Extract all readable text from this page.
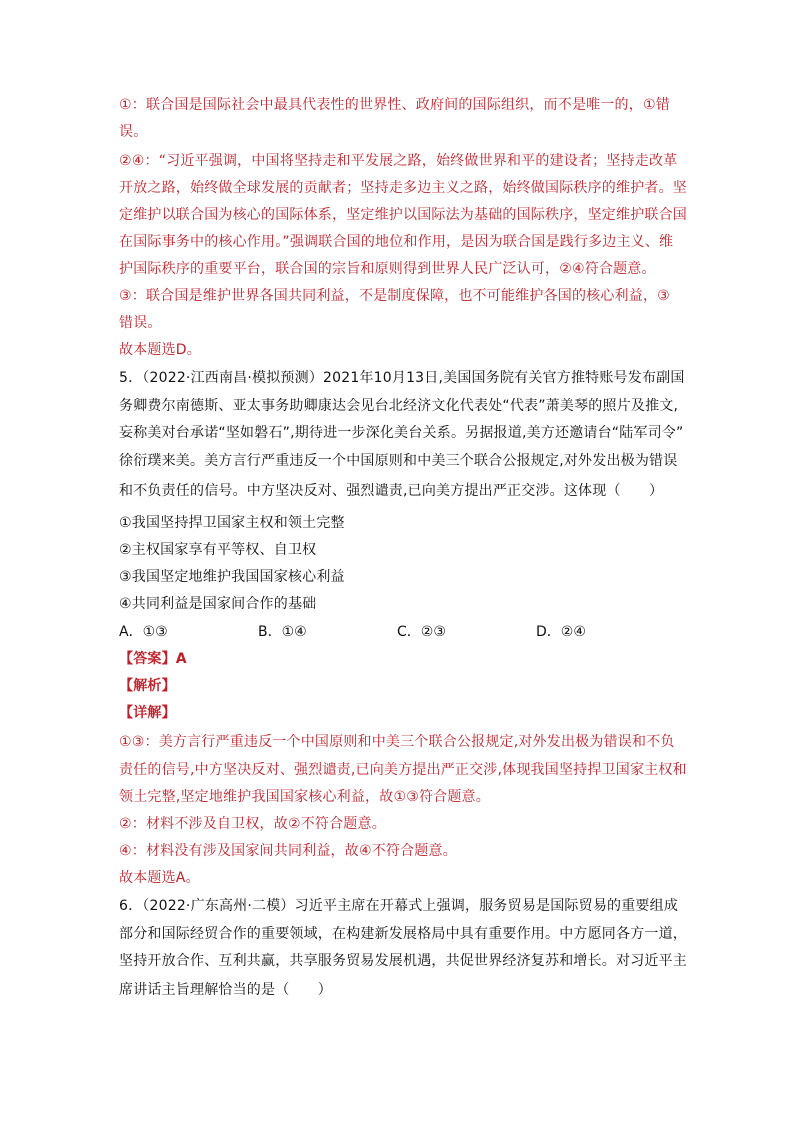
①：联合国是国际社会中最具代表性的世界性、政府间的国际组织，而不是唯一的，①错
误。
②④：“习近平强调，中国将坚持走和平发展之路，始终做世界和平的建设者；坚持走改革
开放之路，始终做全球发展的贡献者；坚持走多边主义之路，始终做国际秩序的维护者。坚
定维护以联合国为核心的国际体系，坚定维护以国际法为基础的国际秩序，坚定维护联合国
在国际事务中的核心作用。”强调联合国的地位和作用，是因为联合国是践行多边主义、维
护国际秩序的重要平台，联合国的宗旨和原则得到世界人民广泛认可，②④符合题意。
③：联合国是维护世界各国共同利益，不是制度保障，也不可能维护各国的核心利益，③
错误。
故本题选D。
5．（2022·江西南昌·模拟预测）2021年10月13日,美国国务院有关官方推特账号发布副国
务卿费尔南德斯、亚太事务助卿康达会见台北经济文化代表处“代表”萧美琴的照片及推文,
妄称美对台承诺“坚如磐石”,期待进一步深化美台关系。另据报道,美方还邀请台“陆军司令”
徐衍璞来美。美方言行严重违反一个中国原则和中美三个联合公报规定,对外发出极为错误
和不负责任的信号。中方坚决反对、强烈谴责,已向美方提出严正交涉。这体现（　　）
①我国坚持捍卫国家主权和领土完整
②主权国家享有平等权、自卫权
③我国坚定地维护我国国家核心利益
④共同利益是国家间合作的基础
A．①③	B．①④	C．②③	D．②④
【答案】A
【解析】
【详解】
①③：美方言行严重违反一个中国原则和中美三个联合公报规定,对外发出极为错误和不负
责任的信号,中方坚决反对、强烈谴责,已向美方提出严正交涉,体现我国坚持捍卫国家主权和
领土完整,坚定地维护我国国家核心利益，故①③符合题意。
②：材料不涉及自卫权，故②不符合题意。
④：材料没有涉及国家间共同利益，故④不符合题意。
故本题选A。
6．（2022·广东高州·二模）习近平主席在开幕式上强调，服务贸易是国际贸易的重要组成
部分和国际经贸合作的重要领域，在构建新发展格局中具有重要作用。中方愿同各方一道，
坚持开放合作、互利共赢，共享服务贸易发展机遇，共促世界经济复苏和增长。对习近平主
席讲话主旨理解恰当的是（　　）
